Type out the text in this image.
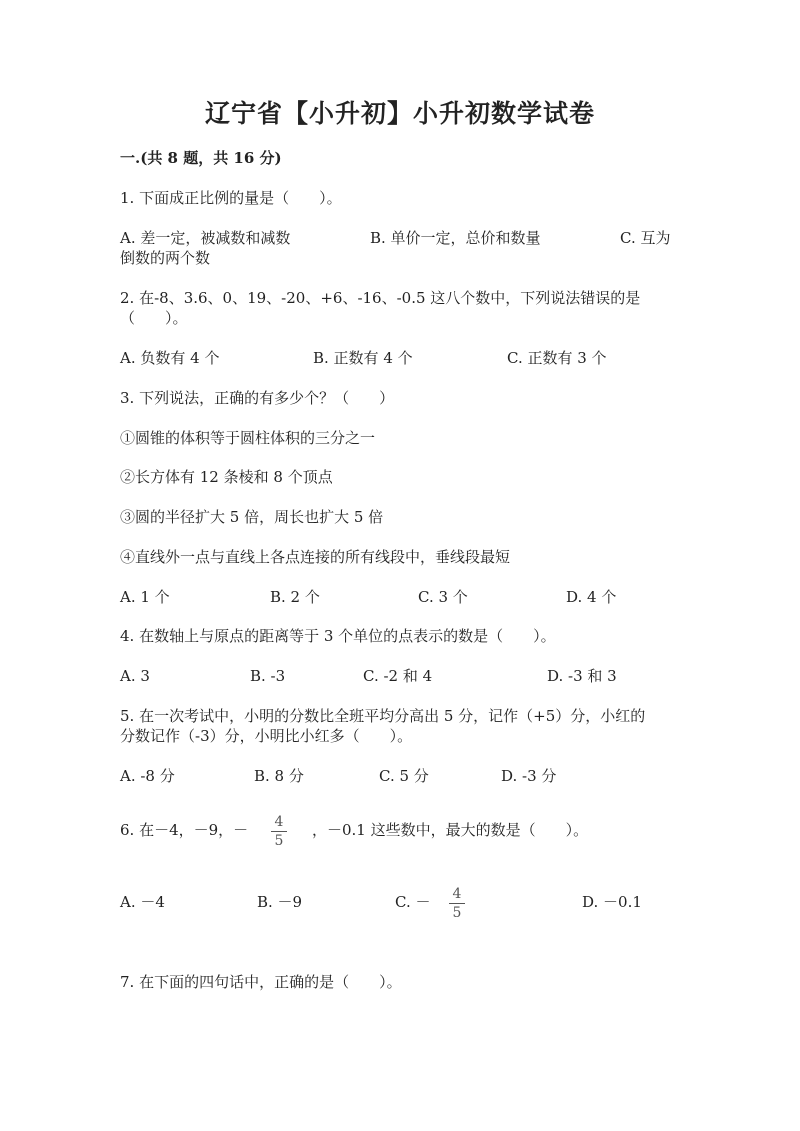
辽宁省【小升初】小升初数学试卷
一.(共 8 题，共 16 分)
1. 下面成正比例的量是（　　）。
A. 差一定，被减数和减数	B. 单价一定，总价和数量	C. 互为
倒数的两个数
2. 在-8、3.6、0、19、-20、+6、-16、-0.5 这八个数中，下列说法错误的是
（　　）。
A. 负数有 4 个	B. 正数有 4 个	C. 正数有 3 个
3. 下列说法，正确的有多少个？（　　）
①圆锥的体积等于圆柱体积的三分之一
②长方体有 12 条棱和 8 个顶点
③圆的半径扩大 5 倍，周长也扩大 5 倍
④直线外一点与直线上各点连接的所有线段中，垂线段最短
A. 1 个	B. 2 个	C. 3 个	D. 4 个
4. 在数轴上与原点的距离等于 3 个单位的点表示的数是（　　）。
A. 3	B. -3	C. -2 和 4	D. -3 和 3
5. 在一次考试中，小明的分数比全班平均分高出 5 分，记作（+5）分，小红的
分数记作（-3）分，小明比小红多（　　）。
A. -8 分	B. 8 分	C. 5 分	D. -3 分
6. 在－4，－9，－	4
5
，－0.1 这些数中，最大的数是（　　）。
A. －4	B. －9	C. －	4
5
D. －0.1
7. 在下面的四句话中，正确的是（　　）。
